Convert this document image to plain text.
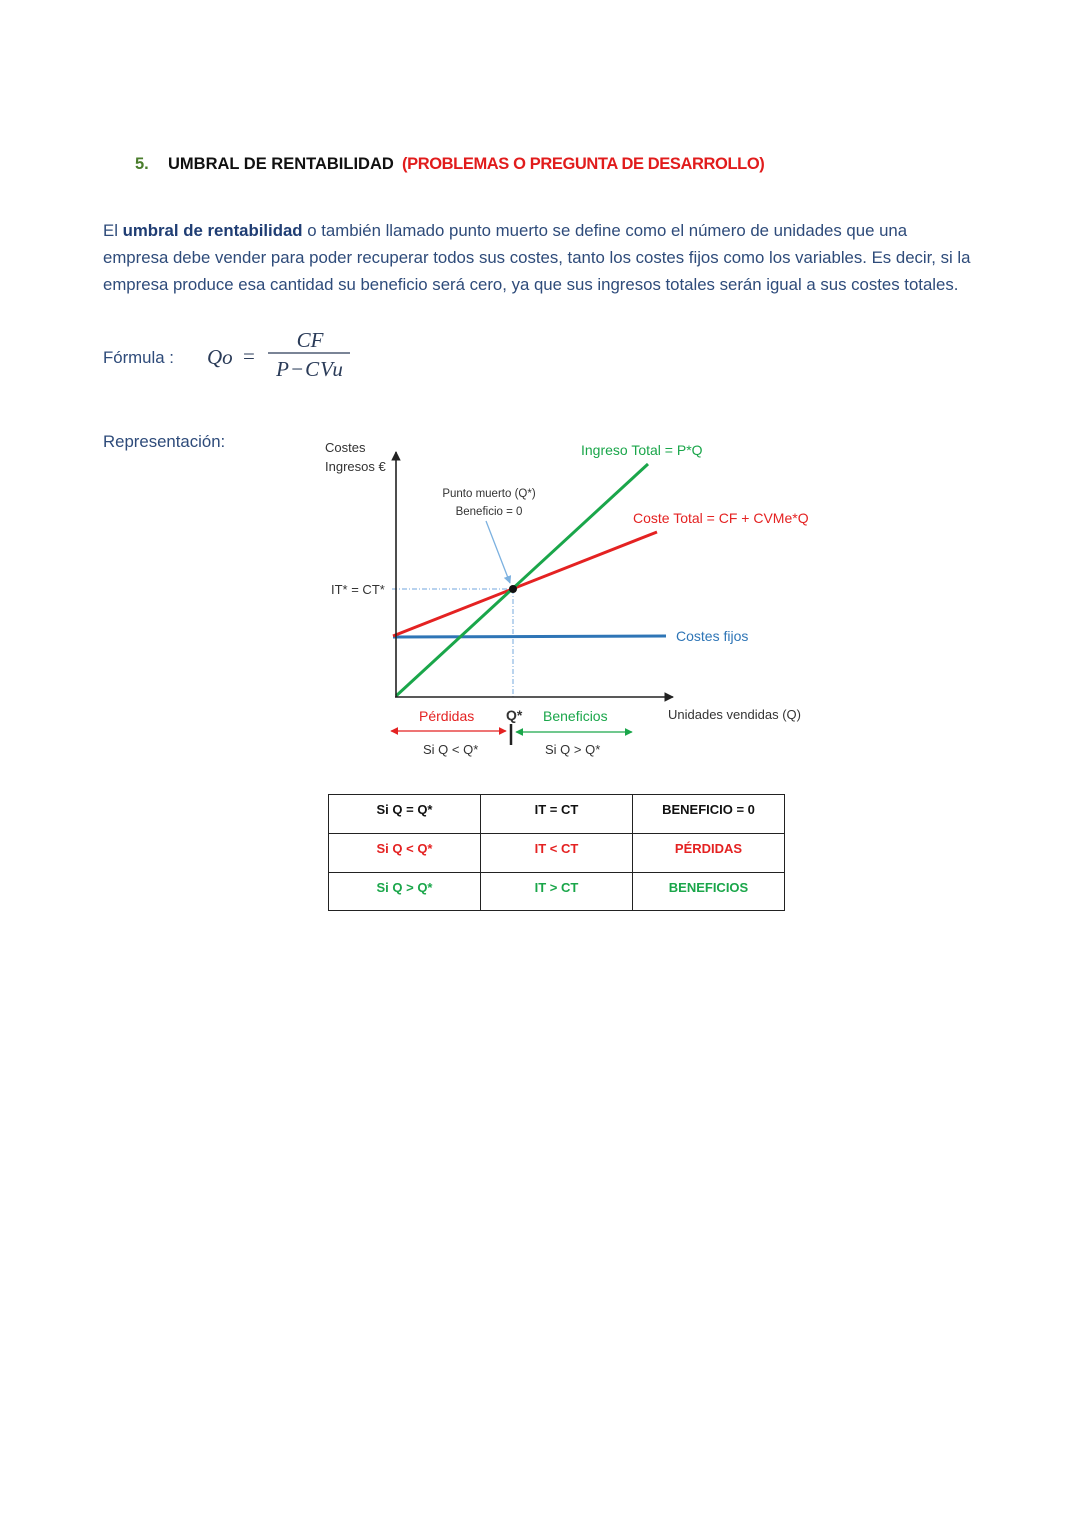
5. UMBRAL DE RENTABILIDAD (PROBLEMAS O PREGUNTA DE DESARROLLO)
El umbral de rentabilidad o también llamado punto muerto se define como el número de unidades que una
empresa debe vender para poder recuperar todos sus costes, tanto los costes fijos como los variables. Es decir, si la
empresa produce esa cantidad su beneficio será cero, ya que sus ingresos totales serán igual a sus costes totales.
Fórmula : Qo =
CF
P−CVu
Representación:	Costes
Ingresos €
Unidades vendidas (Q)
Ingreso Total = P*Q
Coste Total = CF + CVMe*Q
Costes fijos
Punto muerto (Q*)
Beneficio = 0
IT* = CT*
Pérdidas Q* Beneficios
Si Q < Q*	Si Q > Q*
Si Q = Q*	IT = CT	BENEFICIO = 0
Si Q < Q*	IT < CT	PÉRDIDAS
Si Q > Q*	IT > CT	BENEFICIOS
